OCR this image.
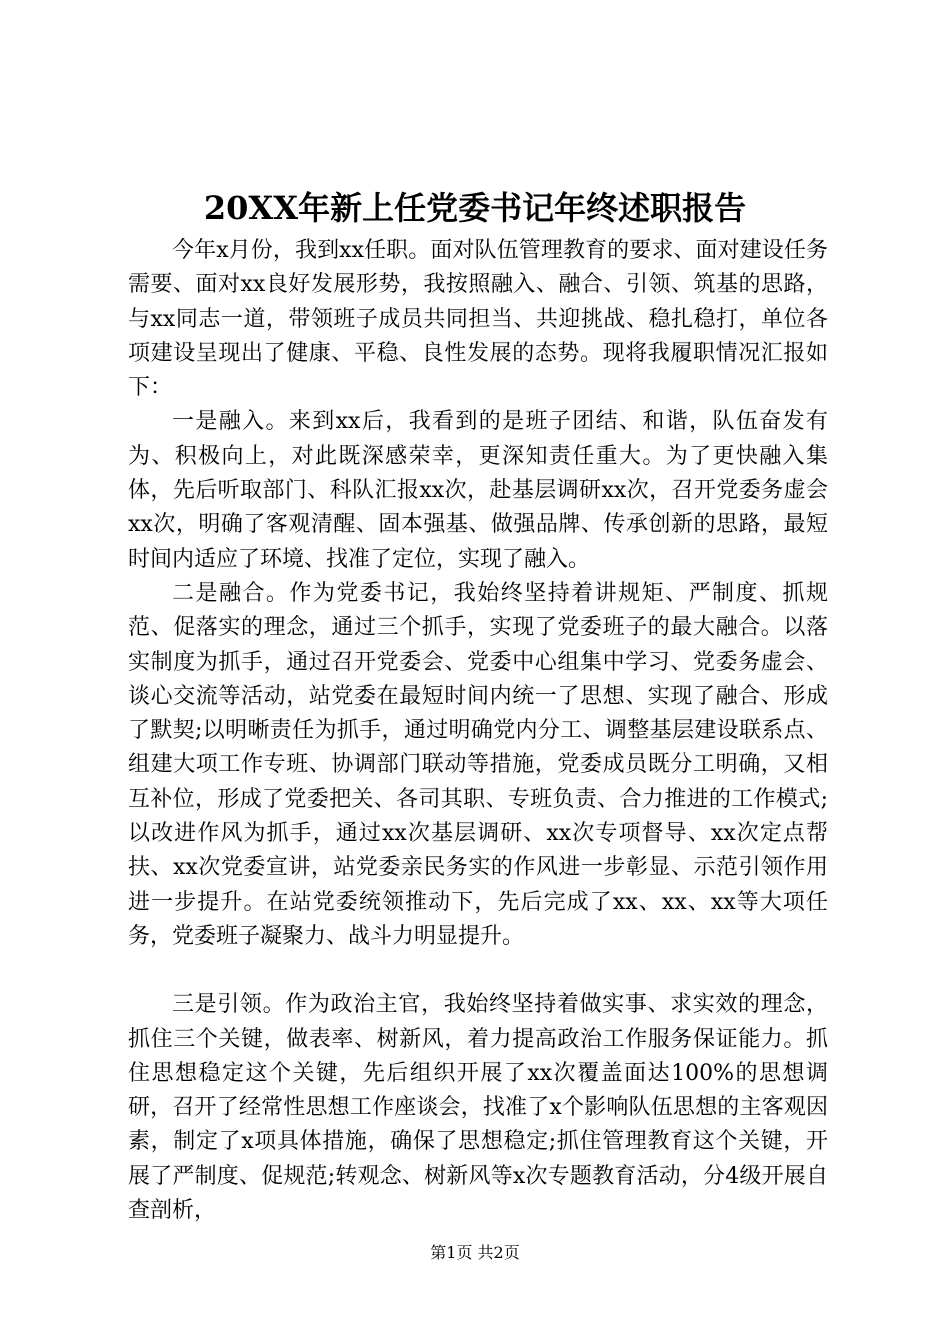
20XX年新上任党委书记年终述职报告

今年x月份，我到xx任职。面对队伍管理教育的要求、面对建设任务需要、面对xx良好发展形势，我按照融入、融合、引领、筑基的思路，与xx同志一道，带领班子成员共同担当、共迎挑战、稳扎稳打，单位各项建设呈现出了健康、平稳、良性发展的态势。现将我履职情况汇报如下：

一是融入。来到xx后，我看到的是班子团结、和谐，队伍奋发有为、积极向上，对此既深感荣幸，更深知责任重大。为了更快融入集体，先后听取部门、科队汇报xx次，赴基层调研xx次，召开党委务虚会xx次，明确了客观清醒、固本强基、做强品牌、传承创新的思路，最短时间内适应了环境、找准了定位，实现了融入。

二是融合。作为党委书记，我始终坚持着讲规矩、严制度、抓规范、促落实的理念，通过三个抓手，实现了党委班子的最大融合。以落实制度为抓手，通过召开党委会、党委中心组集中学习、党委务虚会、谈心交流等活动，站党委在最短时间内统一了思想、实现了融合、形成了默契;以明晰责任为抓手，通过明确党内分工、调整基层建设联系点、组建大项工作专班、协调部门联动等措施，党委成员既分工明确，又相互补位，形成了党委把关、各司其职、专班负责、合力推进的工作模式;以改进作风为抓手，通过xx次基层调研、xx次专项督导、xx次定点帮扶、xx次党委宣讲，站党委亲民务实的作风进一步彰显、示范引领作用进一步提升。在站党委统领推动下，先后完成了xx、xx、xx等大项任务，党委班子凝聚力、战斗力明显提升。

三是引领。作为政治主官，我始终坚持着做实事、求实效的理念，抓住三个关键，做表率、树新风，着力提高政治工作服务保证能力。抓住思想稳定这个关键，先后组织开展了xx次覆盖面达100%的思想调研，召开了经常性思想工作座谈会，找准了x个影响队伍思想的主客观因素，制定了x项具体措施，确保了思想稳定;抓住管理教育这个关键，开展了严制度、促规范;转观念、树新风等x次专题教育活动，分4级开展自查剖析，

第1页 共2页
